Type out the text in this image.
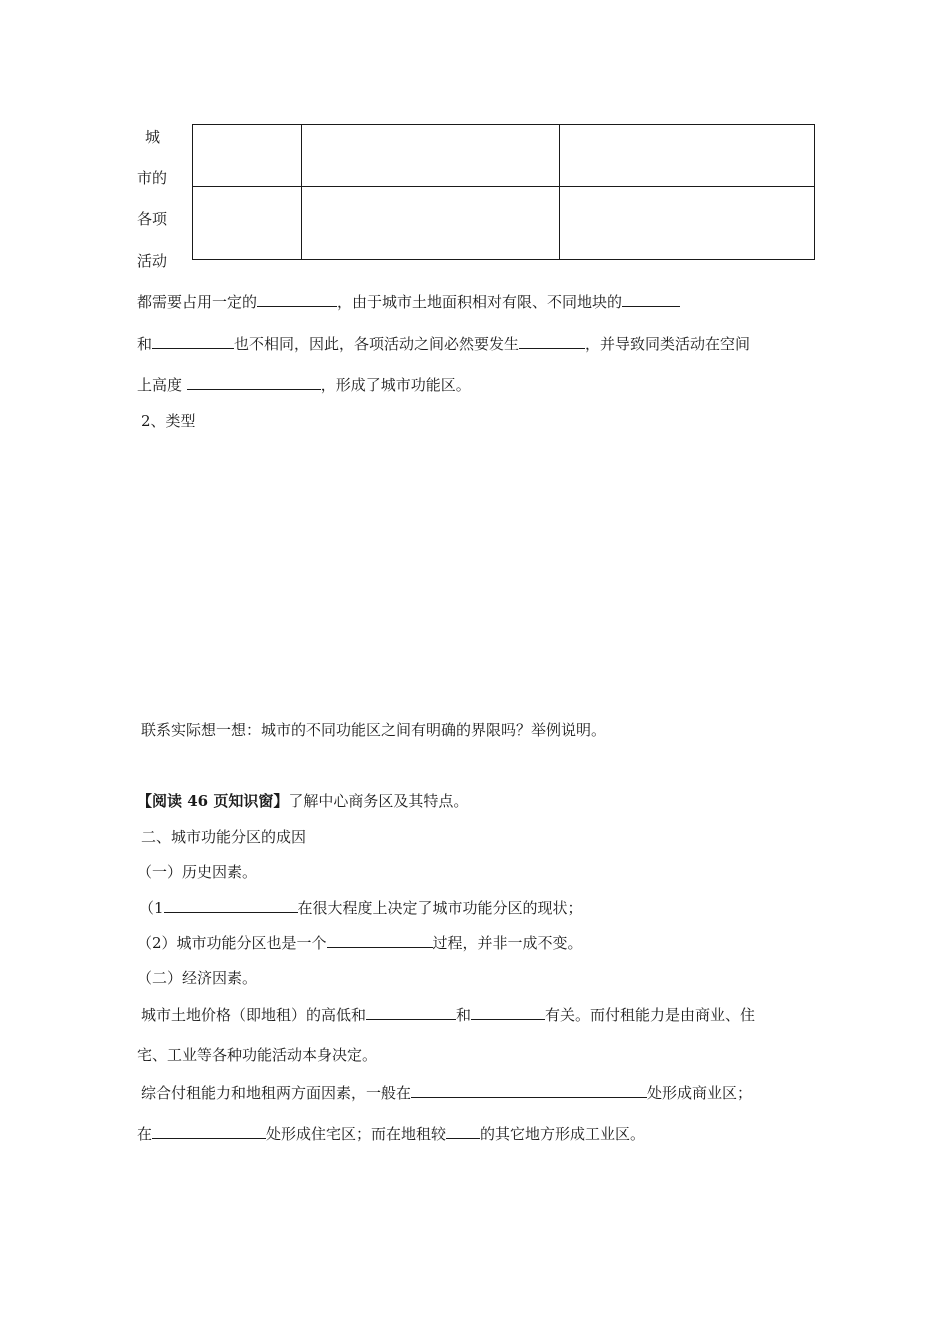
城
市的
各项
活动

都需要占用一定的	，由于城市土地面积相对有限、不同地块的
和	也不相同，因此，各项活动之间必然要发生	，并导致同类活动在空间
上高度	，形成了城市功能区。
2、类型
联系实际想一想：城市的不同功能区之间有明确的界限吗？举例说明。
【阅读 46 页知识窗】了解中心商务区及其特点。
二、城市功能分区的成因
（一）历史因素。
（1	在很大程度上决定了城市功能分区的现状；
（2）城市功能分区也是一个	过程，并非一成不变。
（二）经济因素。
城市土地价格（即地租）的高低和	和	有关。而付租能力是由商业、住
宅、工业等各种功能活动本身决定。
综合付租能力和地租两方面因素，一般在	处形成商业区；
在	处形成住宅区；而在地租较 的其它地方形成工业区。
